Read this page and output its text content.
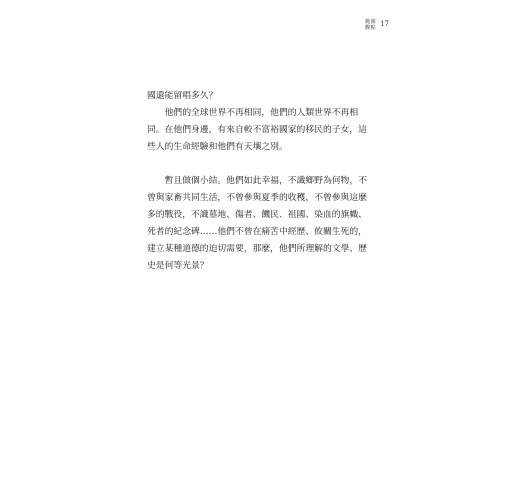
範圍
觀點 17

國還能留唱多久？

他們的全球世界不再相同，他們的人類世界不再相

同。在他們身邊，有來自較不富裕國家的移民的子女，這
些人的生命經驗和他們有天壤之別。

暫且做個小結。他們如此幸福，不識鄉野為何物，不

曾與家畜共同生活，不曾參與夏季的收穫，不曾參與這麼
多的戰役，不識墓地、傷者、饑民、祖國、染血的旗幟、
死者的紀念碑……他們不曾在痛苦中經歷、攸關生死的，
建立某種道德的迫切需要，那麼，他們所理解的文學、歷
史是何等光景？
